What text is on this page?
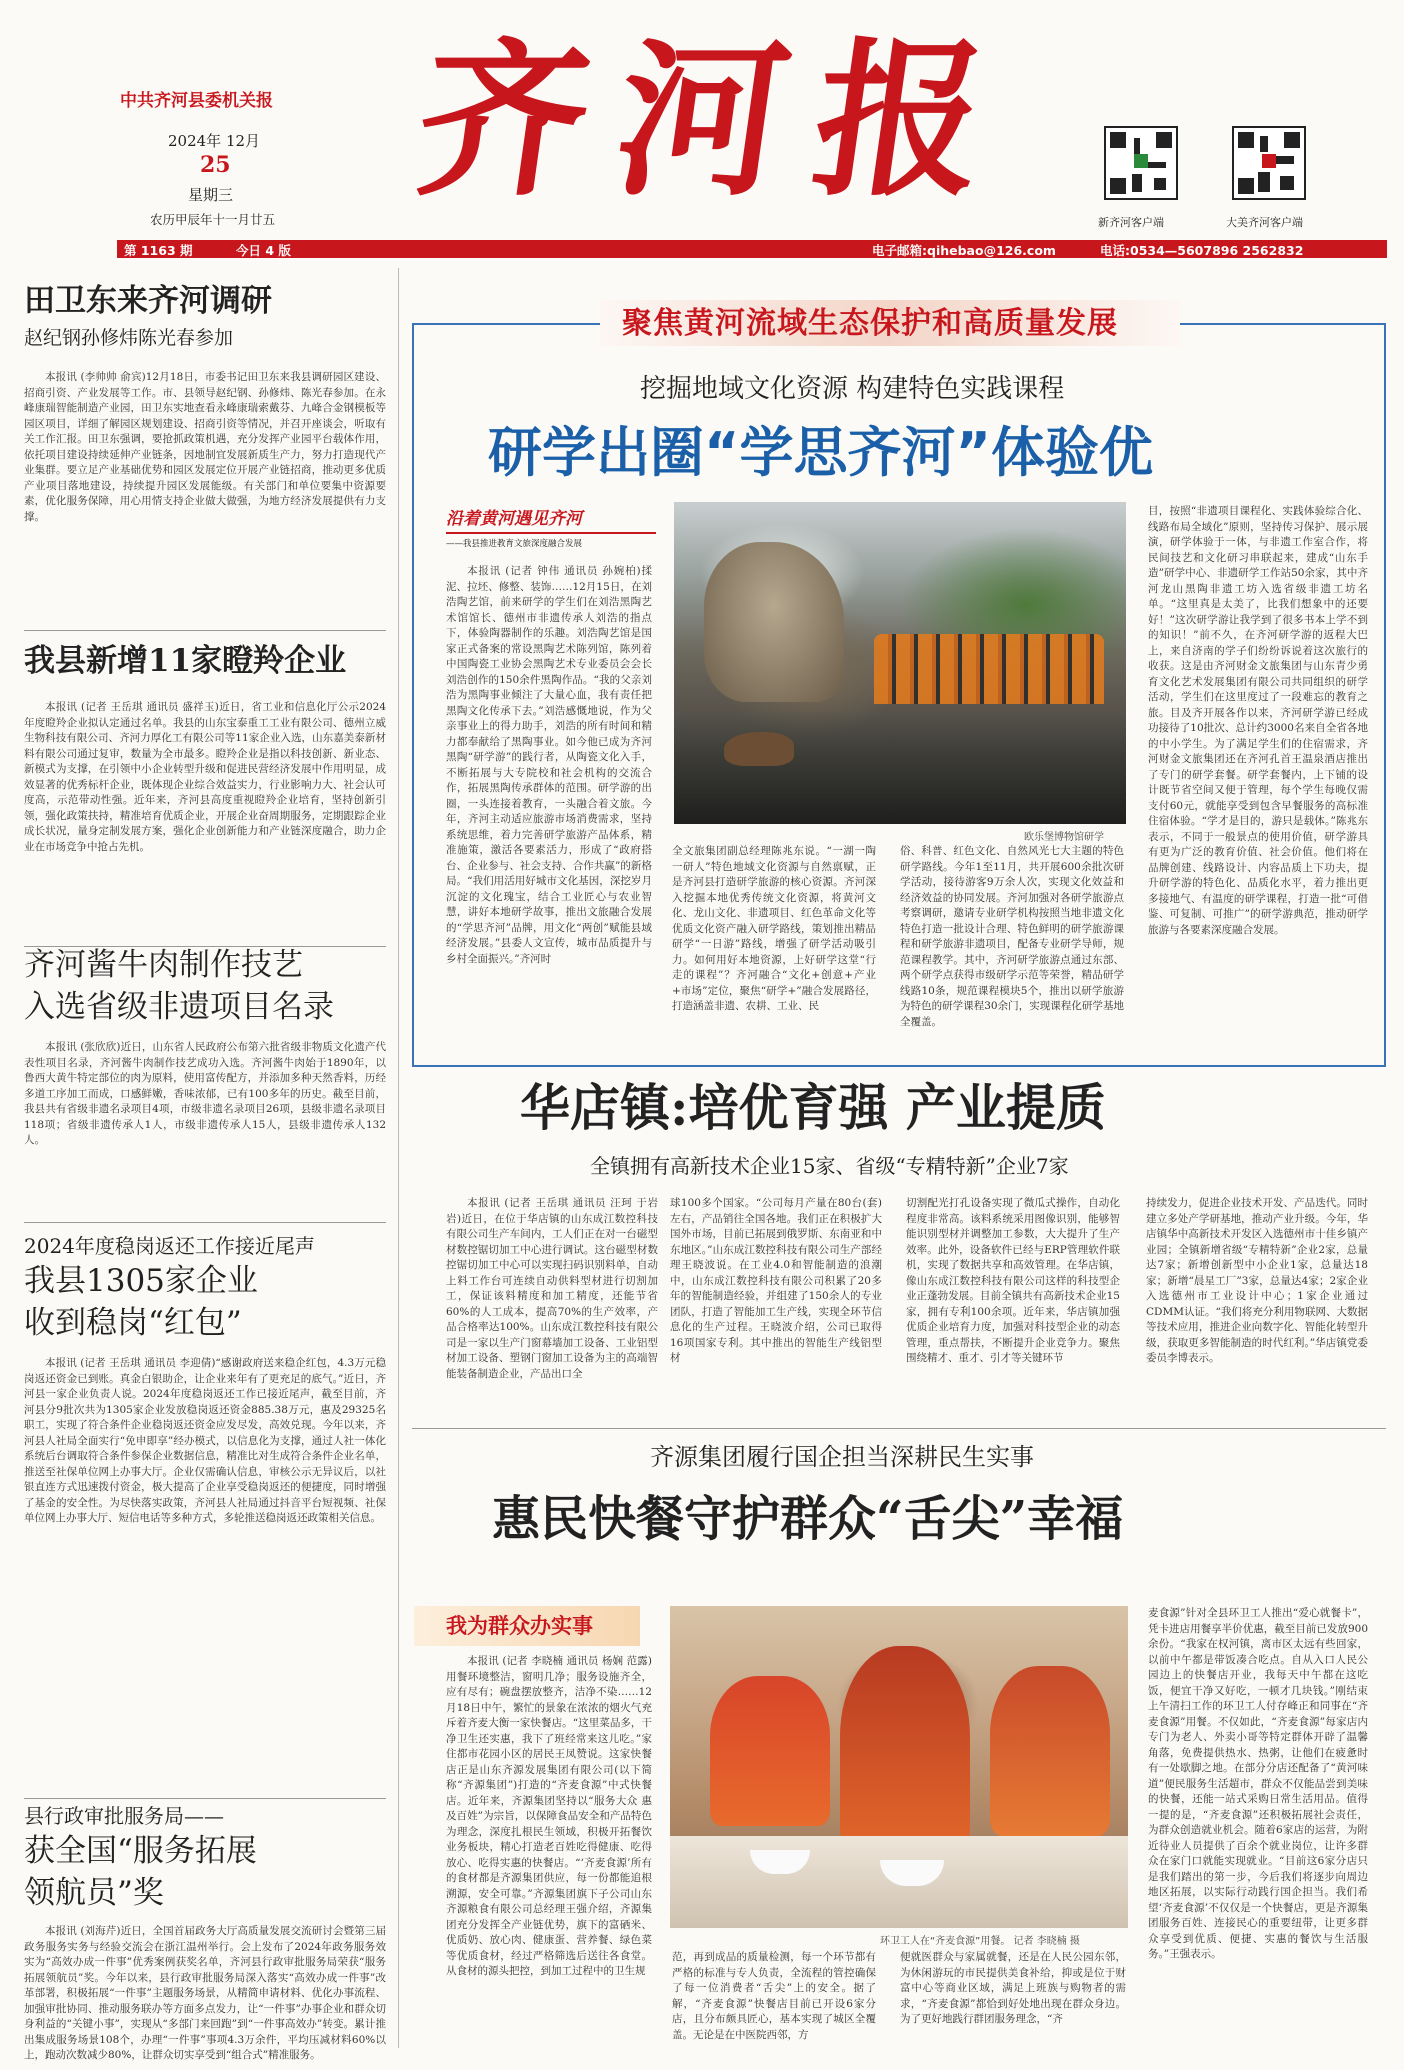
中共齐河县委机关报
2024年 12月
25
星期三
农历甲辰年十一月廿五
齐河报
新齐河客户端	大美齐河客户端
第 1163 期	今日 4 版	电子邮箱:qihebao@126.com	电话:0534—5607896 2562832
田卫东来齐河调研
赵纪钢孙修炜陈光春参加
本报讯 (李帅帅 俞宾)12月18日，市委书记田卫东来我县调研园区建设、招商引资、产业发展等工作。市、县领导赵纪钢、孙修炜、陈光春参加。在永峰康瑞智能制造产业园，田卫东实地查看永峰康瑞索戴芬、九峰合金钢模板等园区项目，详细了解园区规划建设、招商引资等情况，并召开座谈会，听取有关工作汇报。田卫东强调，要抢抓政策机遇，充分发挥产业园平台载体作用，依托项目建设持续延伸产业链条，因地制宜发展新质生产力，努力打造现代产业集群。要立足产业基础优势和园区发展定位开展产业链招商，推动更多优质产业项目落地建设，持续提升园区发展能级。有关部门和单位要集中资源要素，优化服务保障，用心用情支持企业做大做强，为地方经济发展提供有力支撑。
我县新增11家瞪羚企业
本报讯 (记者 王岳琪 通讯员 盛祥玉)近日，省工业和信息化厅公示2024年度瞪羚企业拟认定通过名单。我县的山东宝泰重工工业有限公司、德州立威生物科技有限公司、齐河力厚化工有限公司等11家企业入选，山东嘉美泰新材料有限公司通过复审，数量为全市最多。瞪羚企业是指以科技创新、新业态、新模式为支撑，在引领中小企业转型升级和促进民营经济发展中作用明显，成效显著的优秀标杆企业，既体现企业综合效益实力，行业影响力大、社会认可度高，示范带动性强。近年来，齐河县高度重视瞪羚企业培育，坚持创新引领，强化政策扶持，精准培育优质企业，开展企业奋周期服务，定期跟踪企业成长状况，量身定制发展方案，强化企业创新能力和产业链深度融合，助力企业在市场竞争中抢占先机。
齐河酱牛肉制作技艺
入选省级非遗项目名录
本报讯 (张欣欣)近日，山东省人民政府公布第六批省级非物质文化遗产代表性项目名录，齐河酱牛肉制作技艺成功入选。齐河酱牛肉始于1890年，以鲁西大黄牛特定部位的肉为原料，使用富传配方，并添加多种天然香料，历经多道工序加工而成，口感鲜嫩，香味浓郁，已有100多年的历史。截至目前，我县共有省级非遗名录项目4项，市级非遗名录项目26项，县级非遗名录项目118项；省级非遗传承人1人，市级非遗传承人15人，县级非遗传承人132人。
2024年度稳岗返还工作接近尾声
我县1305家企业
收到稳岗“红包”
本报讯 (记者 王岳琪 通讯员 李迎倩)“感谢政府送来稳企红包，4.3万元稳岗返还资金已到账。真金白银助企，让企业来年有了更充足的底气。”近日，齐河县一家企业负责人说。2024年度稳岗返还工作已接近尾声，截至目前，齐河县分9批次共为1305家企业发放稳岗返还资金885.38万元，惠及29325名职工，实现了符合条件企业稳岗返还资金应发尽发，高效兑现。今年以来，齐河县人社局全面实行“免申即享”经办模式，以信息化为支撑，通过人社一体化系统后台调取符合条件参保企业数据信息，精准比对生成符合条件企业名单，推送至社保单位网上办事大厅。企业仅需确认信息，审核公示无异议后，以社银直连方式迅速拨付资金，极大提高了企业享受稳岗返还的便捷度，同时增强了基金的安全性。为尽快落实政策，齐河县人社局通过抖音平台短视频、社保单位网上办事大厅、短信电话等多种方式，多轮推送稳岗返还政策相关信息。
县行政审批服务局——
获全国“服务拓展
领航员”奖
本报讯 (刘海芹)近日，全国首届政务大厅高质量发展交流研讨会暨第三届政务服务实务与经验交流会在浙江温州举行。会上发布了2024年政务服务效实为“高效办成一件事”优秀案例获奖名单，齐河县行政审批服务局荣获“服务拓展领航员”奖。今年以来，县行政审批服务局深入落实“高效办成一件事”改革部署，积极拓展“一件事”主题服务场景，从精简申请材料、优化办事流程、加强审批协同、推动服务联办等方面多点发力，让“一件事”办事企业和群众切身利益的“关键小事”，实现从“多部门来回跑”到“一件事高效办”转变。累计推出集成服务场景108个，办理“一件事”事项4.3万余件，平均压减材料60%以上，跑动次数减少80%，让群众切实享受到“组合式”精准服务。
聚焦黄河流域生态保护和高质量发展
挖掘地域文化资源 构建特色实践课程
研学出圈“学思齐河”体验优
沿着黄河遇见齐河
——我县推进教育文旅深度融合发展
欧乐堡博物馆研学
本报讯 (记者 钟伟 通讯员 孙婉柏)揉泥、拉坯、修整、装饰……12月15日，在刘浩陶艺馆，前来研学的学生们在刘浩黑陶艺术馆馆长、德州市非遗传承人刘浩的指点下，体验陶器制作的乐趣。刘浩陶艺馆是国家正式备案的常设黑陶艺术陈列馆，陈列着中国陶瓷工业协会黑陶艺术专业委员会会长刘浩创作的150余件黑陶作品。“我的父亲刘浩为黑陶事业倾注了大量心血，我有责任把黑陶文化传承下去。”刘浩感慨地说，作为父亲事业上的得力助手，刘浩的所有时间和精力都奉献给了黑陶事业。如今他已成为齐河黑陶“研学游”的践行者，从陶瓷文化入手，不断拓展与大专院校和社会机构的交流合作，拓展黑陶传承群体的范围。研学游的出圈，一头连接着教育，一头融合着文旅。今年，齐河主动适应旅游市场消费需求，坚持系统思维，着力完善研学旅游产品体系，精准施策，激活各要素活力，形成了“政府搭台、企业参与、社会支持、合作共赢”的新格局。“我们用活用好城市文化基因，深挖岁月沉淀的文化瑰宝，结合工业匠心与农业智慧，讲好本地研学故事，推出文旅融合发展的“学思齐河”品牌，用文化“两创”赋能县域经济发展。”县委人文宣传，城市品质提升与乡村全面振兴。”齐河时
全文旅集团副总经理陈兆东说。“一湖一陶一研人”特色地域文化资源与自然禀赋，正是齐河县打造研学旅游的核心资源。齐河深入挖掘本地优秀传统文化资源，将黄河文化、龙山文化、非遗项目、红色革命文化等优质文化资产融入研学路线，策划推出精品研学“一日游”路线，增强了研学活动吸引力。如何用好本地资源，上好研学这堂“行走的课程”？齐河融合“文化+创意+产业+市场”定位，聚焦“研学+”融合发展路径，打造涵盖非遗、农耕、工业、民
俗、科普、红色文化、自然风光七大主题的特色研学路线。今年1至11月，共开展600余批次研学活动，接待游客9万余人次，实现文化效益和经济效益的协同发展。齐河加强对各研学旅游点考察调研，邀请专业研学机构按照当地非遗文化特色打造一批设计合理、特色鲜明的研学旅游课程和研学旅游非遗项目，配备专业研学导师，规范课程教学。其中，齐河研学旅游点通过东部、两个研学点获得市级研学示范等荣誉，精品研学线路10条，规范课程模块5个，推出以研学旅游为特色的研学课程30余门，实现课程化研学基地全覆盖。
目，按照“非遗项目课程化、实践体验综合化、线路布局全域化”原则，坚持传习保护、展示展演，研学体验于一体，与非遗工作室合作，将民间技艺和文化研习串联起来，建成“山东手造”研学中心、非遗研学工作站50余家，其中齐河龙山黑陶非遗工坊入选省级非遗工坊名单。“这里真是太美了，比我们想象中的还要好！”这次研学游让我学到了很多书本上学不到的知识！”前不久，在齐河研学游的返程大巴上，来自济南的学子们纷纷诉说着这次旅行的收获。这是由齐河财金文旅集团与山东青少勇育文化艺术发展集团有限公司共同组织的研学活动，学生们在这里度过了一段难忘的教育之旅。目及齐开展各作以来，齐河研学游已经成功接待了10批次、总计约3000名来自全省各地的中小学生。为了满足学生们的住宿需求，齐河财金文旅集团还在齐河孔首王温泉酒店推出了专门的研学套餐。研学套餐内，上下铺的设计既节省空间又便于管理，每个学生每晚仅需支付60元，就能享受到包含早餐服务的高标准住宿体验。“学才是目的，游只是载体。”陈兆东表示，不同于一般景点的使用价值，研学游具有更为广泛的教育价值、社会价值。他们将在品牌创建、线路设计、内容品质上下功夫，提升研学游的特色化、品质化水平，着力推出更多接地气、有温度的研学课程，打造一批“可借鉴、可复制、可推广”的研学游典范，推动研学旅游与各要素深度融合发展。
华店镇:培优育强 产业提质
全镇拥有高新技术企业15家、省级“专精特新”企业7家
本报讯 (记者 王岳琪 通讯员 汪珂 于岩岩)近日，在位于华店镇的山东成江数控科技有限公司生产车间内，工人们正在对一台磁型材数控锯切加工中心进行调试。这台磁型材数控锯切加工中心可以实现扫码识别料单，自动上料工作台可连续自动供料型材进行切割加工，保证该料精度和加工精度，还能节省60%的人工成本，提高70%的生产效率，产品合格率达100%。山东成江数控科技有限公司是一家以生产门窗幕墙加工设备、工业铝型材加工设备、塑钢门窗加工设备为主的高端智能装备制造企业，产品出口全
球100多个国家。“公司每月产量在80台(套)左右，产品销往全国各地。我们正在积极扩大国外市场，目前已拓展到俄罗斯、东南亚和中东地区。”山东成江数控科技有限公司生产部经理王晓波说。在工业4.0和智能制造的浪潮中，山东成江数控科技有限公司积累了20多年的智能制造经验，并组建了150余人的专业团队，打造了智能加工生产线，实现全环节信息化的生产过程。王晓波介绍，公司已取得16项国家专利。其中推出的智能生产线铝型材
切割配光打孔设备实现了微瓜式操作，自动化程度非常高。该料系统采用图像识别，能够智能识别型材并调整加工参数，大大提升了生产效率。此外，设备软件已经与ERP管理软件联机，实现了数据共享和高效管理。在华店镇，像山东成江数控科技有限公司这样的科技型企业正蓬勃发展。目前全镇共有高新技术企业15家，拥有专利100余项。近年来，华店镇加强优质企业培育力度，加强对科技型企业的动态管理，重点帮扶，不断提升企业竞争力。聚焦围绕精才、重才、引才等关键环节
持续发力，促进企业技术开发、产品迭代。同时建立多处产学研基地，推动产业升级。今年，华店镇华中高新技术开发区入选德州市十佳乡镇产业园；全镇新增省级“专精特新”企业2家，总量达7家；新增创新型中小企业1家，总量达18家；新增“晨星工厂”3家，总量达4家；2家企业入选德州市工业设计中心；1家企业通过CDMM认证。“我们将充分利用物联网、大数据等技术应用，推进企业向数字化、智能化转型升级，获取更多智能制造的时代红利。”华店镇党委委员李博表示。
齐源集团履行国企担当深耕民生实事
惠民快餐守护群众“舌尖”幸福
我为群众办实事
环卫工人在“齐麦食源”用餐。 记者 李晓楠 摄
本报讯 (记者 李晓楠 通讯员 杨娴 范露)用餐环境整洁，窗明几净；服务设施齐全，应有尽有；碗盘摆放整齐，洁净不染……12月18日中午，繁忙的景象在浓浓的烟火气充斥着齐麦大衡一家快餐店。“这里菜品多，干净卫生还实惠，我下了班经常来这儿吃。”家住都市花园小区的居民王凤赞说。这家快餐店正是山东齐源发展集团有限公司(以下简称“齐源集团”)打造的“齐麦食源”中式快餐店。近年来，齐源集团坚持以“服务大众 惠及百姓”为宗旨，以保障食品安全和产品特色为理念，深度扎根民生领域，积极开拓餐饮业务板块，精心打造老百姓吃得健康、吃得放心、吃得实惠的快餐店。“‘齐麦食源’所有的食材都是齐源集团供应，每一份都能追根溯源，安全可靠。”齐源集团旗下子公司山东齐源粮食有限公司总经理王强介绍，齐源集团充分发挥全产业链优势，旗下的富硒米、优质奶、放心肉、健康蛋、营养餐、绿色菜等优质食材，经过严格筛选后送往各食堂。从食材的源头把控，到加工过程中的卫生规
范，再到成品的质量检测，每一个环节都有严格的标准与专人负责，全流程的管控确保了每一位消费者“舌尖”上的安全。据了解，“齐麦食源”快餐店目前已开设6家分店，且分布颇具匠心，基本实现了城区全覆盖。无论是在中医院西邻，方
便就医群众与家属就餐，还是在人民公园东邻，为休闲游玩的市民提供美食补给，抑或是位于财富中心等商业区域，满足上班族与购物者的需求，“齐麦食源”都恰到好处地出现在群众身边。为了更好地践行群团服务理念，“齐
麦食源”针对全县环卫工人推出“爱心就餐卡”，凭卡进店用餐享半价优惠，截至目前已发放900余份。“我家在权河镇，离市区太远有些回家，以前中午都是带饭凑合吃点。自从入口人民公园边上的快餐店开业，我每天中午都在这吃饭，便宜干净又好吃，一顿才几块钱。”刚结束上午清扫工作的环卫工人付存峰正和同事在“齐麦食源”用餐。不仅如此，“齐麦食源”每家店内专门为老人、外卖小哥等特定群体开辟了温馨角落，免费提供热水、热粥，让他们在疲惫时有一处歇脚之地。在部分分店还配备了“黄河味道”便民服务生活超市，群众不仅能品尝到美味的快餐，还能一站式采购日常生活用品。值得一提的是，“齐麦食源”还积极拓展社会责任，为群众创造就业机会。随着6家店的运营，为附近待业人员提供了百余个就业岗位，让许多群众在家门口就能实现就业。“目前这6家分店只是我们踏出的第一步，今后我们将逐步向周边地区拓展，以实际行动践行国企担当。我们希望‘齐麦食源’不仅仅是一个快餐店，更是齐源集团服务百姓、连接民心的重要纽带，让更多群众享受到优质、便捷、实惠的餐饮与生活服务。”王强表示。
